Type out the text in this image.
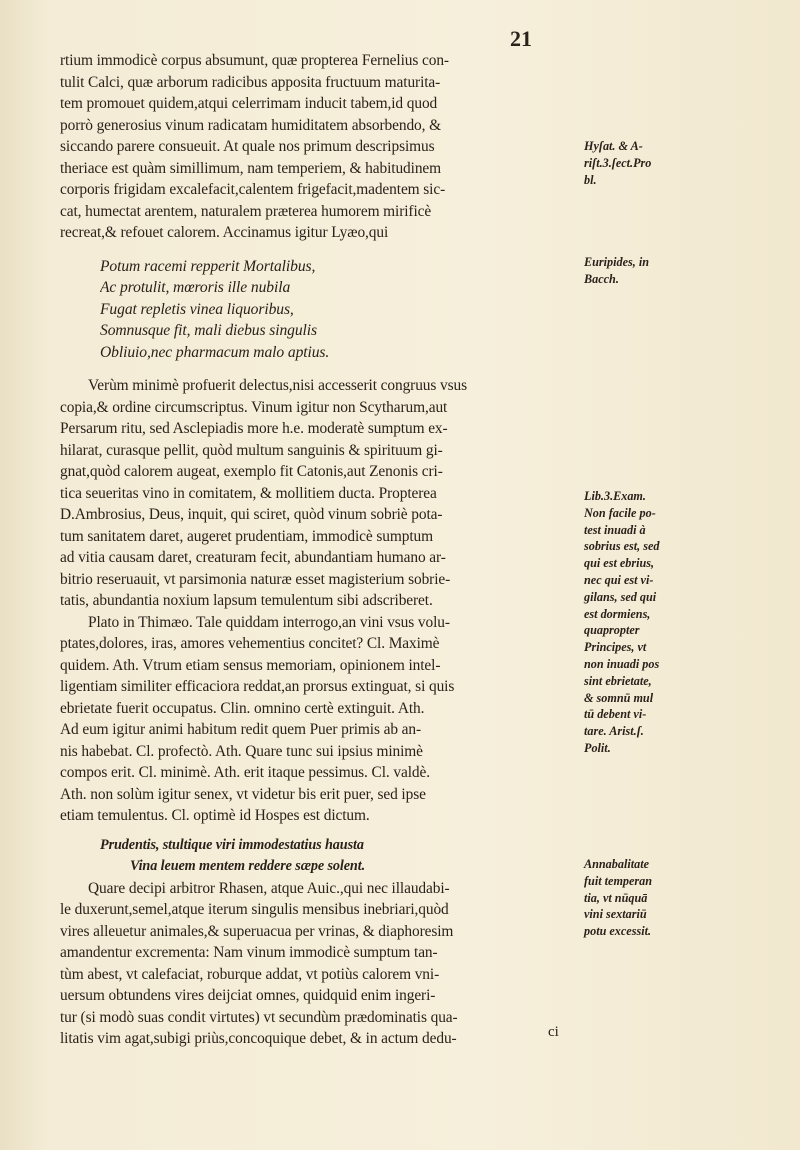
21
rtium immodicè corpus absumunt, quæ propterea Fernelius con-
tulit Calci, quæ arborum radicibus apposita fructuum maturita-
tem promouet quidem,atqui celerrimam inducit tabem,id quod
porrò generosius vinum radicatam humiditatem absorbendo, &
siccando parere consueuit. At quale nos primum descripsimus
theriace est quàm simillimum, nam temperiem, & habitudinem
corporis frigidam excalefacit,calentem frigefacit,madentem sic-
cat, humectat arentem, naturalem præterea humorem mirificè
recreat,& refouet calorem. Accinamus igitur Lyæo,qui
Potum racemi repperit Mortalibus,
Ac protulit, mœroris ille nubila
Fugat repletis vinea liquoribus,
Somnusque fit, mali diebus singulis
Obliuio,nec pharmacum malo aptius.
Verùm minimè profuerit delectus,nisi accesserit congruus vsus
copia,& ordine circumscriptus. Vinum igitur non Scytharum,aut
Persarum ritu, sed Asclepiadis more h.e. moderatè sumptum ex-
hilarat, curasque pellit, quòd multum sanguinis & spirituum gi-
gnat,quòd calorem augeat, exemplo fit Catonis,aut Zenonis cri-
tica seueritas vino in comitatem, & mollitiem ducta. Propterea
D.Ambrosius, Deus, inquit, qui sciret, quòd vinum sobriè pota-
tum sanitatem daret, augeret prudentiam, immodicè sumptum
ad vitia causam daret, creaturam fecit, abundantiam humano ar-
bitrio reseruauit, vt parsimonia naturæ esset magisterium sobrie-
tatis, abundantia noxium lapsum temulentum sibi adscriberet.
Plato in Thimæo. Tale quiddam interrogo,an vini vsus volu-
ptates,dolores, iras, amores vehementius concitet? Cl. Maximè
quidem. Ath. Vtrum etiam sensus memoriam, opinionem intel-
ligentiam similiter efficaciora reddat,an prorsus extinguat, si quis
ebrietate fuerit occupatus. Clin. omnino certè extinguit. Ath.
Ad eum igitur animi habitum redit quem Puer primis ab an-
nis habebat. Cl. profectò. Ath. Quare tunc sui ipsius minimè
compos erit. Cl. minimè. Ath. erit itaque pessimus. Cl. valdè.
Ath. non solùm igitur senex, vt videtur bis erit puer, sed ipse
etiam temulentus. Cl. optimè id Hospes est dictum.
Prudentis, stultique viri immodestatius hausta
Vina leuem mentem reddere sæpe solent.
Quare decipi arbitror Rhasen, atque Auic.,qui nec illaudabi-
le duxerunt,semel,atque iterum singulis mensibus inebriari,quòd
vires alleuetur animales,& superuacua per vrinas, & diaphoresim
amandentur excrementa: Nam vinum immodicè sumptum tan-
tùm abest, vt calefaciat, roburque addat, vt potiùs calorem vni-
uersum obtundens vires deijciat omnes, quidquid enim ingeri-
tur (si modò suas condit virtutes) vt secundùm prædominatis qua-
litatis vim agat,subigi priùs,concoquique debet, & in actum dedu-	ci
Hyſat. & A-
riſt.3.ſect.Pro
bl.
Euripides, in
Bacch.
Lib.3.Exam.
Non facile po-
test inuadi à
sobrius est, sed
qui est ebrius,
nec qui est vi-
gilans, sed qui
est dormiens,
quapropter
Principes, vt
non inuadi pos
sint ebrietate,
& somnū mul
tū debent vi-
tare. Arist.ſ.
Polit.
Annabalitate
fuit temperan
tia, vt nūquā
vini sextariū
potu excessit.
